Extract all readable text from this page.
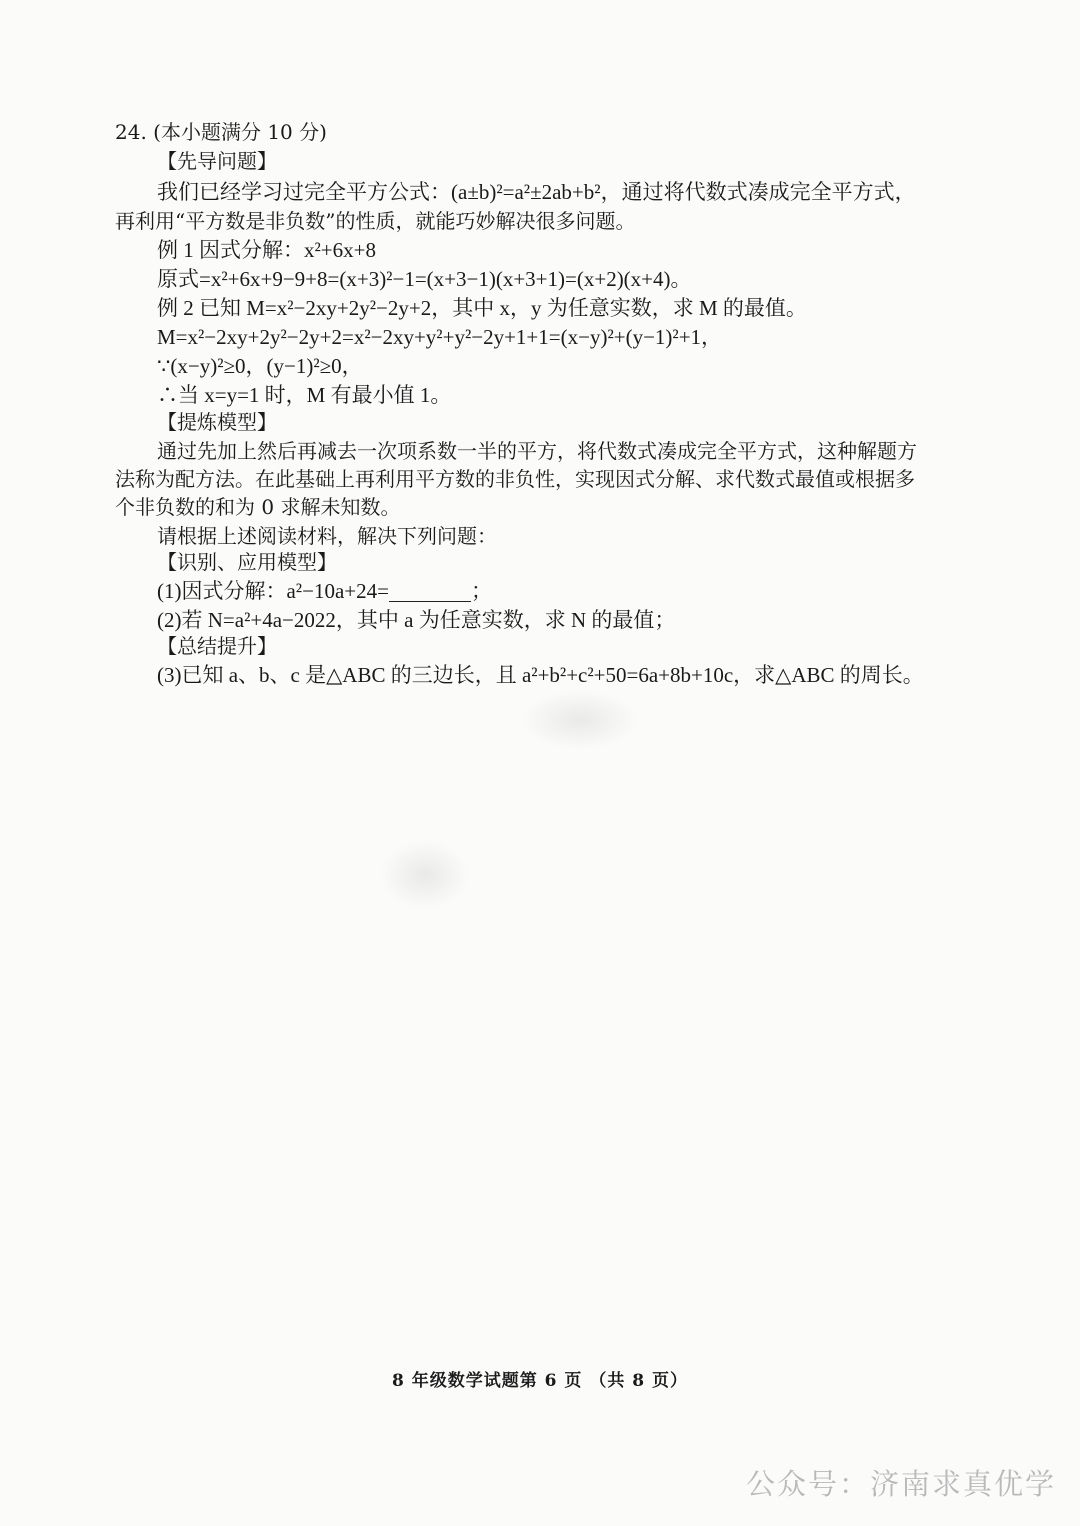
24. (本小题满分 10 分)
【先导问题】
我们已经学习过完全平方公式：(a±b)²=a²±2ab+b²，通过将代数式凑成完全平方式，
再利用“平方数是非负数”的性质，就能巧妙解决很多问题。
例 1 因式分解：x²+6x+8
原式=x²+6x+9−9+8=(x+3)²−1=(x+3−1)(x+3+1)=(x+2)(x+4)。
例 2 已知 M=x²−2xy+2y²−2y+2，其中 x，y 为任意实数，求 M 的最值。
M=x²−2xy+2y²−2y+2=x²−2xy+y²+y²−2y+1+1=(x−y)²+(y−1)²+1，
∵(x−y)²≥0，(y−1)²≥0，
∴当 x=y=1 时，M 有最小值 1。
【提炼模型】
通过先加上然后再减去一次项系数一半的平方，将代数式凑成完全平方式，这种解题方
法称为配方法。在此基础上再利用平方数的非负性，实现因式分解、求代数式最值或根据多
个非负数的和为 0 求解未知数。
请根据上述阅读材料，解决下列问题：
【识别、应用模型】
(1)因式分解：a²−10a+24=	；
(2)若 N=a²+4a−2022，其中 a 为任意实数，求 N 的最值；
【总结提升】
(3)已知 a、b、c 是△ABC 的三边长，且 a²+b²+c²+50=6a+8b+10c，求△ABC 的周长。
8 年级数学试题第 6 页 （共 8 页）
公众号：济南求真优学
